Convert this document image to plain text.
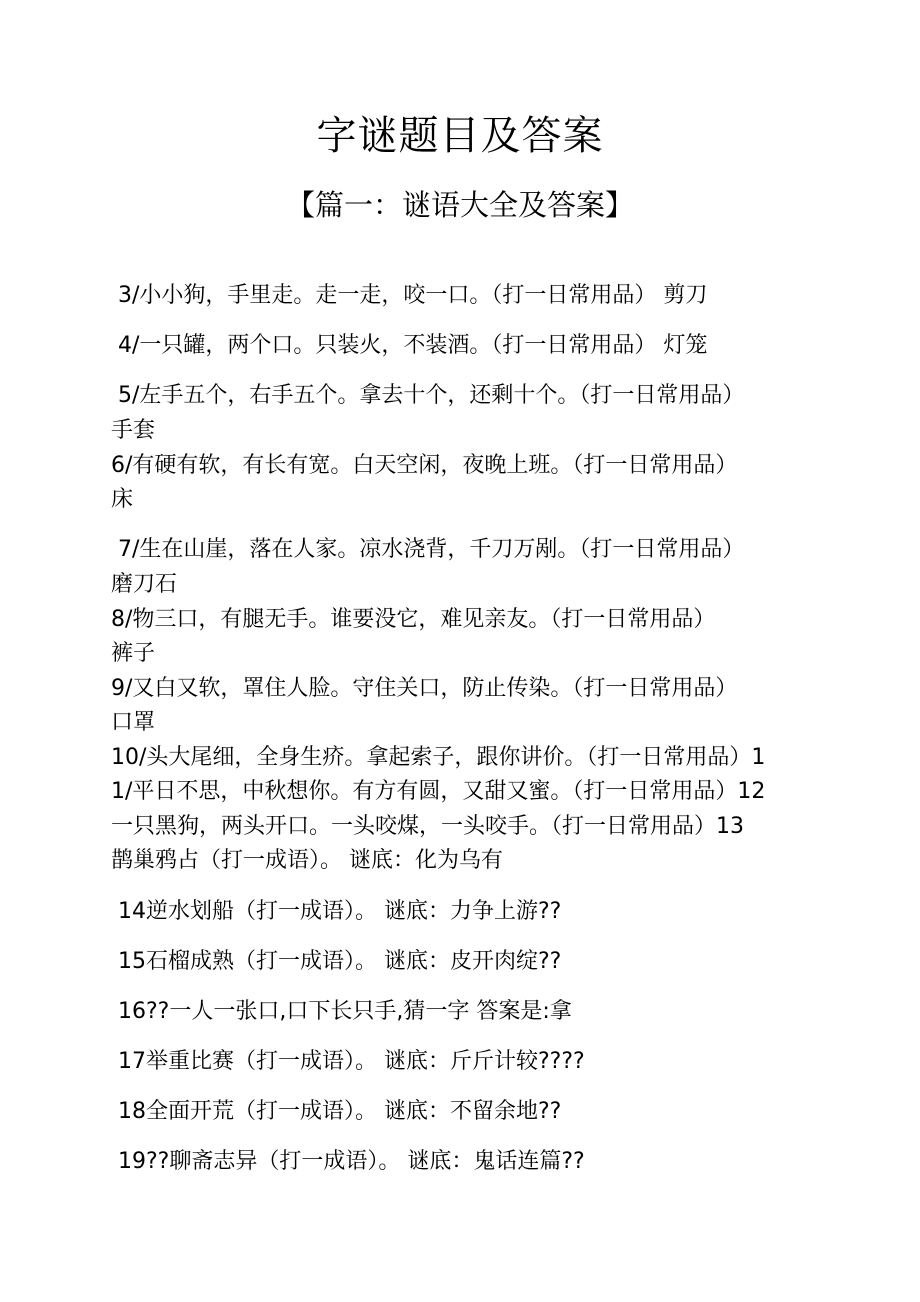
字谜题目及答案
【篇一：谜语大全及答案】
3/小小狗，手里走。走一走，咬一口。（打一日常用品） 剪刀
4/一只罐，两个口。只装火，不装酒。（打一日常用品） 灯笼
5/左手五个，右手五个。拿去十个，还剩十个。（打一日常用品）
手套
6/有硬有软，有长有宽。白天空闲，夜晚上班。（打一日常用品）
床
7/生在山崖，落在人家。凉水浇背，千刀万剐。（打一日常用品）
磨刀石
8/物三口，有腿无手。谁要没它，难见亲友。（打一日常用品）
裤子
9/又白又软，罩住人脸。守住关口，防止传染。（打一日常用品）
口罩
10/头大尾细，全身生疥。拿起索子，跟你讲价。（打一日常用品）1
1/平日不思，中秋想你。有方有圆，又甜又蜜。（打一日常用品）12
一只黑狗，两头开口。一头咬煤，一头咬手。（打一日常用品）13
鹊巢鸦占（打一成语）。 谜底：化为乌有
14逆水划船（打一成语）。 谜底：力争上游??
15石榴成熟（打一成语）。 谜底：皮开肉绽??
16??一人一张口,口下长只手,猜一字 答案是:拿
17举重比赛（打一成语）。 谜底：斤斤计较????
18全面开荒（打一成语）。 谜底：不留余地??
19??聊斋志异（打一成语）。 谜底：鬼话连篇??
